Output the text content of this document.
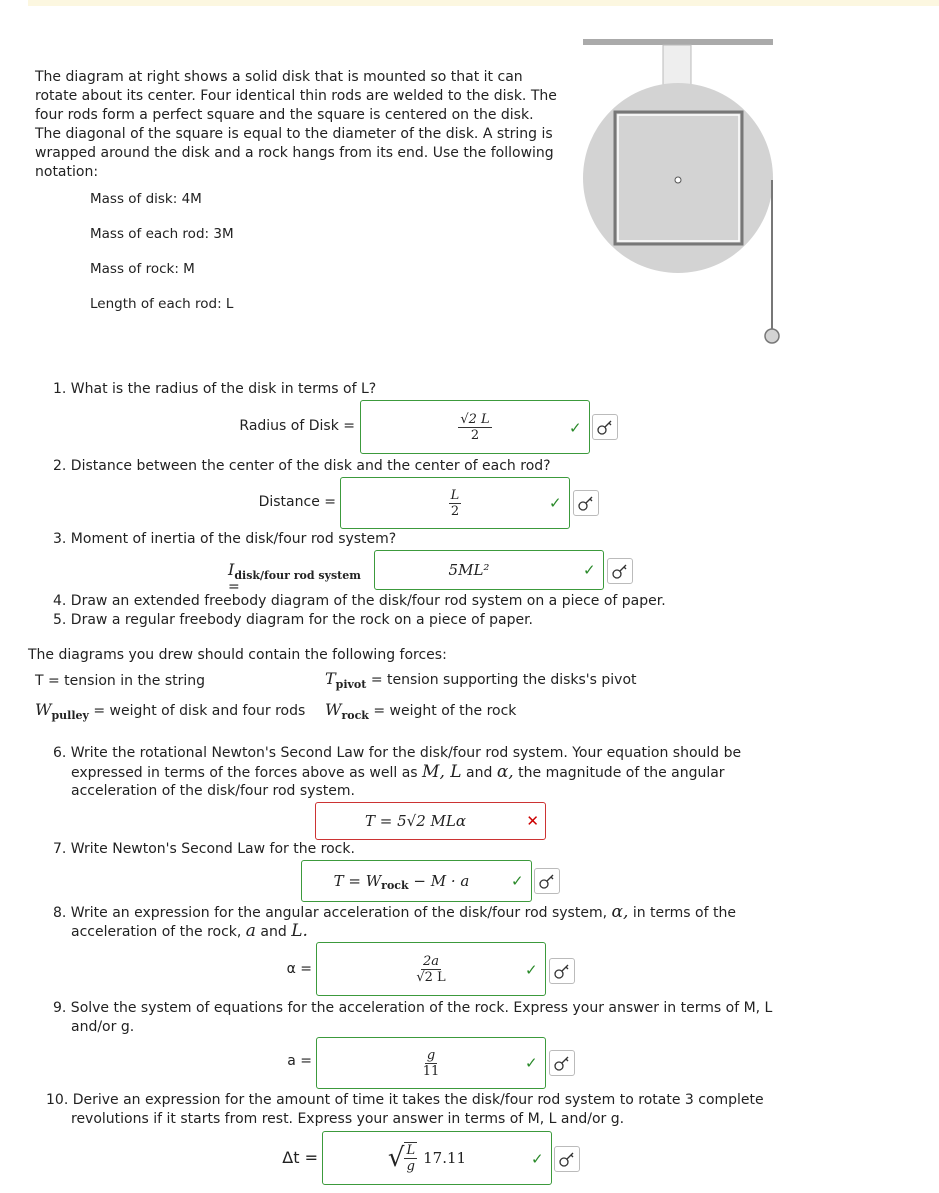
The diagram at right shows a solid disk that is mounted so that it can rotate about its center. Four identical thin rods are welded to the disk. The four rods form a perfect square and the square is centered on the disk. The diagonal of the square is equal to the diameter of the disk. A string is wrapped around the disk and a rock hangs from its end. Use the following notation:
Mass of disk: 4M
Mass of each rod: 3M
Mass of rock: M
Length of each rod: L
1. What is the radius of the disk in terms of L?
Radius of Disk =	$\frac{√2 L}{2}$	✓
2. Distance between the center of the disk and the center of each rod?
Distance =	$\frac{L}{2}$	✓
3. Moment of inertia of the disk/four rod system?
$I_{disk/four rod system}$ =
5ML²	✓
4. Draw an extended freebody diagram of the disk/four rod system on a piece of paper.
5. Draw a regular freebody diagram for the rock on a piece of paper.
The diagrams you drew should contain the following forces:
T = tension in the string	$T_{pivot}$ = tension supporting the disks's pivot
$W_{pulley}$ = weight of disk and four rods $W_{rock}$ = weight of the rock
6. Write the rotational Newton's Second Law for the disk/four rod system. Your equation should be
expressed in terms of the forces above as well as M, L and α, the magnitude of the angular
acceleration of the disk/four rod system.
T = 5√2 MLα	✕
7. Write Newton's Second Law for the rock.
T = W rock
− M · a	✓
8. Write an expression for the angular acceleration of the disk/four rod system, α, in terms of the
acceleration of the rock, a and L.
α =	$\frac{2a}{√2 L}$	✓
9. Solve the system of equations for the acceleration of the rock. Express your answer in terms of M, L
and/or g.
a =	$\frac{g}{11}$	✓
10. Derive an expression for the amount of time it takes the disk/four rod system to rotate 3 complete
revolutions if it starts from rest. Express your answer in terms of M, L and/or g.
Δt =	√ $\frac{L}{g} 17.11$	✓
